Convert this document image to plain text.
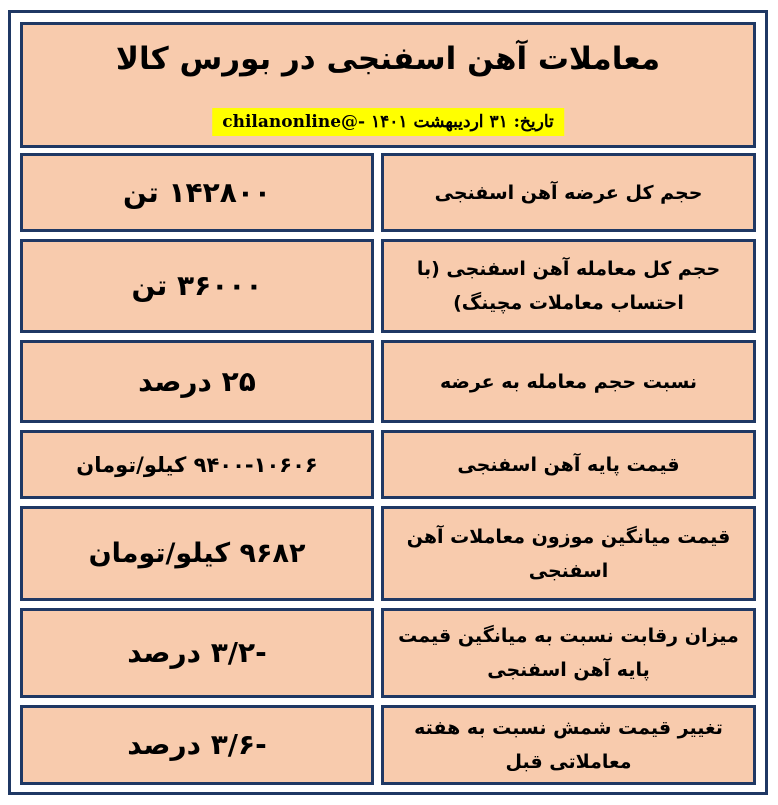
معاملات آهن اسفنجی در بورس کالا
تاریخ: ۳۱ اردیبهشت ۱۴۰۱ -@chilanonline
حجم کل عرضه آهن اسفنجی
۱۴۲۸۰۰ تن
حجم کل معامله آهن اسفنجی (با احتساب معاملات مچینگ)
۳۶۰۰۰ تن
نسبت حجم معامله به عرضه
۲۵ درصد
قیمت پایه آهن اسفنجی
۹۴۰۰-۱۰۶۰۶ کیلو/تومان
قیمت میانگین موزون معاملات آهن اسفنجی
۹۶۸۲ کیلو/تومان
میزان رقابت نسبت به میانگین قیمت پایه آهن اسفنجی
-۳/۲ درصد
تغییر قیمت شمش نسبت به هفته معاملاتی قبل
-۳/۶ درصد
